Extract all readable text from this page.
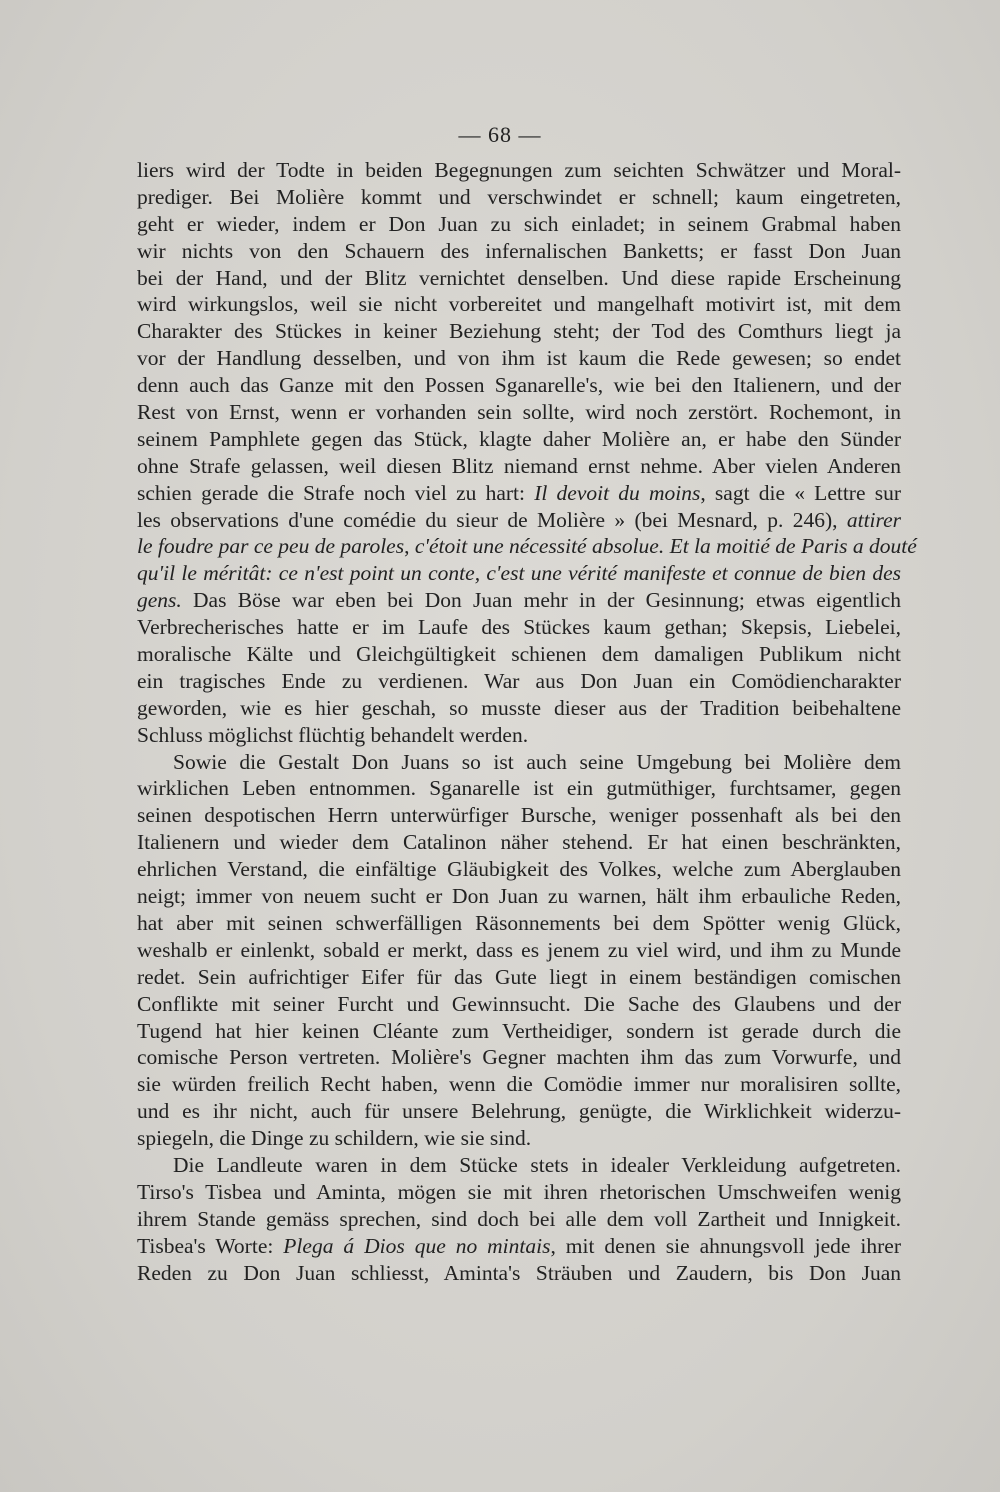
— 68 —
liers wird der Todte in beiden Begegnungen zum seichten Schwätzer und Moral-
prediger. Bei Molière kommt und verschwindet er schnell; kaum eingetreten,
geht er wieder, indem er Don Juan zu sich einladet; in seinem Grabmal haben
wir nichts von den Schauern des infernalischen Banketts; er fasst Don Juan
bei der Hand, und der Blitz vernichtet denselben. Und diese rapide Erscheinung
wird wirkungslos, weil sie nicht vorbereitet und mangelhaft motivirt ist, mit dem
Charakter des Stückes in keiner Beziehung steht; der Tod des Comthurs liegt ja
vor der Handlung desselben, und von ihm ist kaum die Rede gewesen; so endet
denn auch das Ganze mit den Possen Sganarelle's, wie bei den Italienern, und der
Rest von Ernst, wenn er vorhanden sein sollte, wird noch zerstört. Rochemont, in
seinem Pamphlete gegen das Stück, klagte daher Molière an, er habe den Sünder
ohne Strafe gelassen, weil diesen Blitz niemand ernst nehme. Aber vielen Anderen
schien gerade die Strafe noch viel zu hart: Il devoit du moins, sagt die « Lettre sur
les observations d'une comédie du sieur de Molière » (bei Mesnard, p. 246), attirer
le foudre par ce peu de paroles, c'étoit une nécessité absolue. Et la moitié de Paris a douté
qu'il le méritât: ce n'est point un conte, c'est une vérité manifeste et connue de bien des
gens. Das Böse war eben bei Don Juan mehr in der Gesinnung; etwas eigentlich
Verbrecherisches hatte er im Laufe des Stückes kaum gethan; Skepsis, Liebelei,
moralische Kälte und Gleichgültigkeit schienen dem damaligen Publikum nicht
ein tragisches Ende zu verdienen. War aus Don Juan ein Comödiencharakter
geworden, wie es hier geschah, so musste dieser aus der Tradition beibehaltene
Schluss möglichst flüchtig behandelt werden.
Sowie die Gestalt Don Juans so ist auch seine Umgebung bei Molière dem
wirklichen Leben entnommen. Sganarelle ist ein gutmüthiger, furchtsamer, gegen
seinen despotischen Herrn unterwürfiger Bursche, weniger possenhaft als bei den
Italienern und wieder dem Catalinon näher stehend. Er hat einen beschränkten,
ehrlichen Verstand, die einfältige Gläubigkeit des Volkes, welche zum Aberglauben
neigt; immer von neuem sucht er Don Juan zu warnen, hält ihm erbauliche Reden,
hat aber mit seinen schwerfälligen Räsonnements bei dem Spötter wenig Glück,
weshalb er einlenkt, sobald er merkt, dass es jenem zu viel wird, und ihm zu Munde
redet. Sein aufrichtiger Eifer für das Gute liegt in einem beständigen comischen
Conflikte mit seiner Furcht und Gewinnsucht. Die Sache des Glaubens und der
Tugend hat hier keinen Cléante zum Vertheidiger, sondern ist gerade durch die
comische Person vertreten. Molière's Gegner machten ihm das zum Vorwurfe, und
sie würden freilich Recht haben, wenn die Comödie immer nur moralisiren sollte,
und es ihr nicht, auch für unsere Belehrung, genügte, die Wirklichkeit widerzu-
spiegeln, die Dinge zu schildern, wie sie sind.
Die Landleute waren in dem Stücke stets in idealer Verkleidung aufgetreten.
Tirso's Tisbea und Aminta, mögen sie mit ihren rhetorischen Umschweifen wenig
ihrem Stande gemäss sprechen, sind doch bei alle dem voll Zartheit und Innigkeit.
Tisbea's Worte: Plega á Dios que no mintais, mit denen sie ahnungsvoll jede ihrer
Reden zu Don Juan schliesst, Aminta's Sträuben und Zaudern, bis Don Juan
